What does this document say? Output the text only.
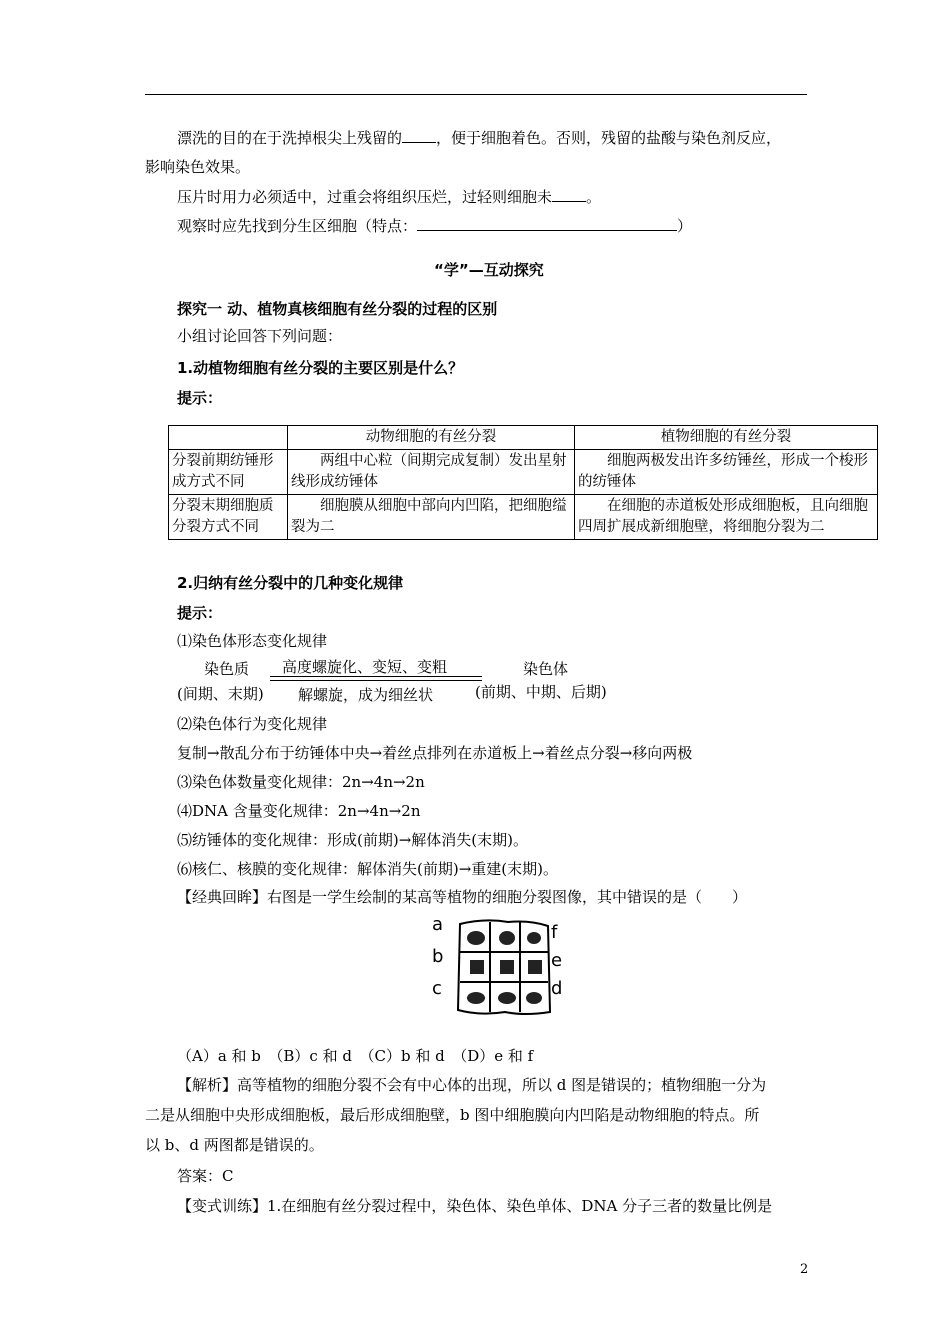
漂洗的目的在于洗掉根尖上残留的 ，便于细胞着色。否则，残留的盐酸与染色剂反应，
影响染色效果。
压片时用力必须适中，过重会将组织压烂，过轻则细胞未 。
观察时应先找到分生区细胞（特点：	）
“学”—互动探究
探究一 动、植物真核细胞有丝分裂的过程的区别
小组讨论回答下列问题：
1.动植物细胞有丝分裂的主要区别是什么？
提示：
	动物细胞的有丝分裂	植物细胞的有丝分裂
分裂前期纺锤形成方式不同	两组中心粒（间期完成复制）发出星射线形成纺锤体	细胞两极发出许多纺锤丝，形成一个梭形的纺锤体
分裂末期细胞质分裂方式不同	细胞膜从细胞中部向内凹陷，把细胞缢裂为二	在细胞的赤道板处形成细胞板，且向细胞四周扩展成新细胞壁，将细胞分裂为二
2.归纳有丝分裂中的几种变化规律
提示：
⑴染色体形态变化规律
染色质
(间期、末期)
高度螺旋化、变短、变粗
解螺旋，成为细丝状
染色体
(前期、中期、后期)
⑵染色体行为变化规律
复制→散乱分布于纺锤体中央→着丝点排列在赤道板上→着丝点分裂→移向两极
⑶染色体数量变化规律：2n→4n→2n
⑷DNA 含量变化规律：2n→4n→2n
⑸纺锤体的变化规律：形成(前期)→解体消失(末期)。
⑹核仁、核膜的变化规律：解体消失(前期)→重建(末期)。
【经典回眸】右图是一学生绘制的某高等植物的细胞分裂图像，其中错误的是（　　）
a
b
c	d
e
f
（A）a 和 b　（B）c 和 d　（C）b 和 d　（D）e 和 f
【解析】高等植物的细胞分裂不会有中心体的出现，所以 d 图是错误的；植物细胞一分为
二是从细胞中央形成细胞板，最后形成细胞壁，b 图中细胞膜向内凹陷是动物细胞的特点。所
以 b、d 两图都是错误的。
答案：C
【变式训练】1.在细胞有丝分裂过程中，染色体、染色单体、DNA 分子三者的数量比例是
2
